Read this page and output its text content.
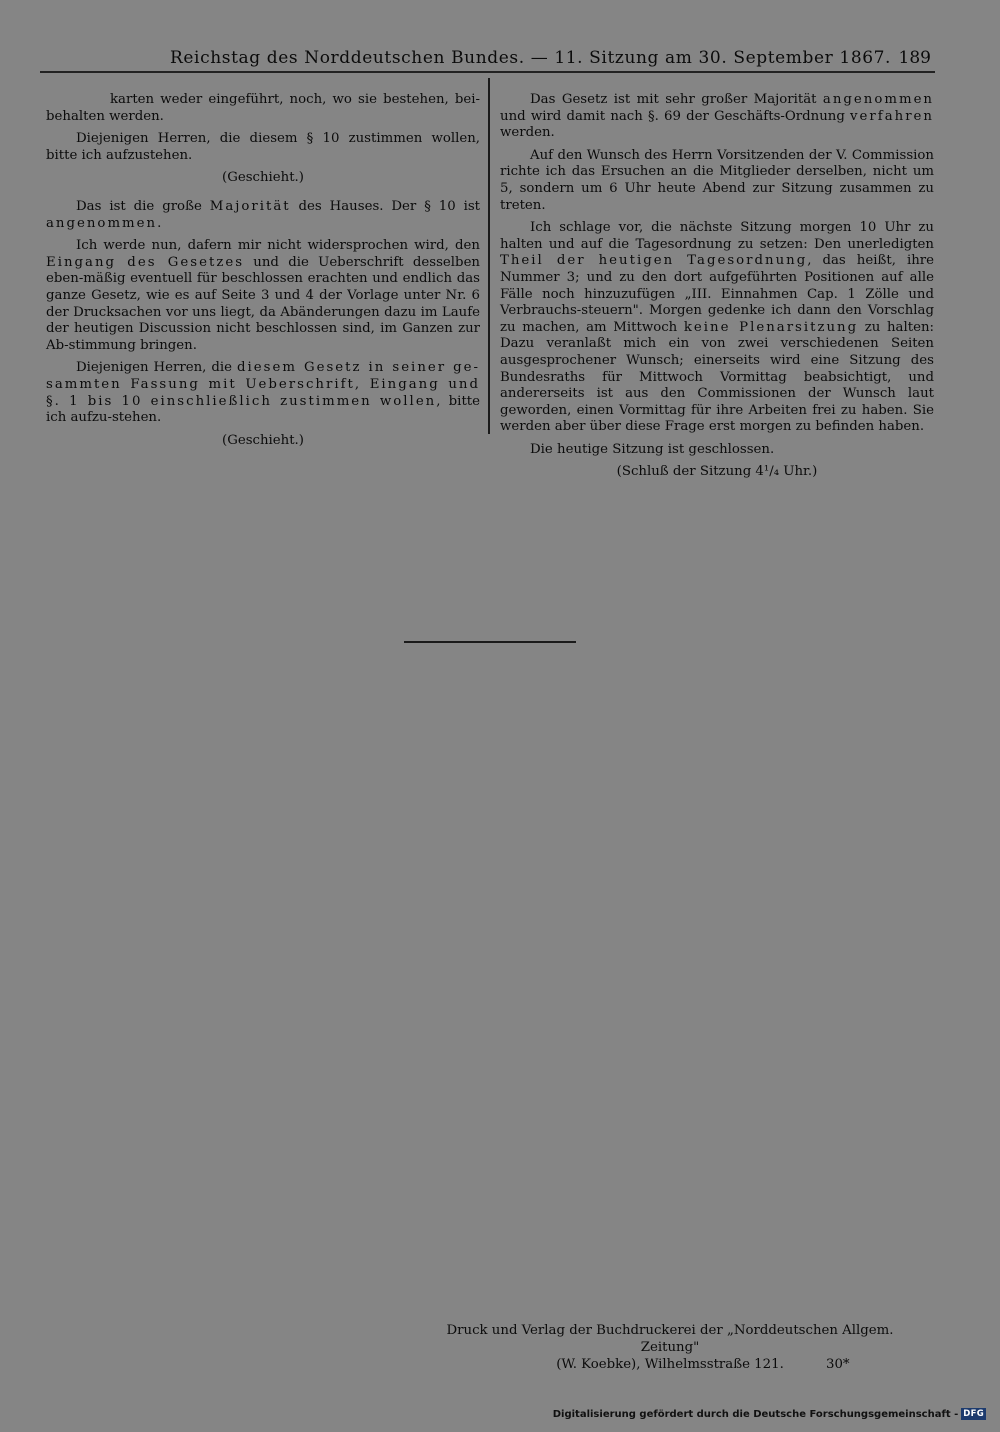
Reichstag des Norddeutschen Bundes. — 11. Sitzung am 30. September 1867. 189

karten weder eingeführt, noch, wo sie bestehen, bei-behalten werden.

Diejenigen Herren, die diesem § 10 zustimmen wollen, bitte ich aufzustehen.

(Geschieht.)

Das ist die große Majorität des Hauses. Der § 10 ist angenommen.

Ich werde nun, dafern mir nicht widersprochen wird, den Eingang des Gesetzes und die Ueberschrift desselben eben-mäßig eventuell für beschlossen erachten und endlich das ganze Gesetz, wie es auf Seite 3 und 4 der Vorlage unter Nr. 6 der Drucksachen vor uns liegt, da Abänderungen dazu im Laufe der heutigen Discussion nicht beschlossen sind, im Ganzen zur Ab-stimmung bringen.

Diejenigen Herren, die diesem Gesetz in seiner ge-sammten Fassung mit Ueberschrift, Eingang und §. 1 bis 10 einschließlich zustimmen wollen, bitte ich aufzu-stehen.

(Geschieht.)

Das Gesetz ist mit sehr großer Majorität angenommen und wird damit nach §. 69 der Geschäfts-Ordnung verfahren werden.

Auf den Wunsch des Herrn Vorsitzenden der V. Commission richte ich das Ersuchen an die Mitglieder derselben, nicht um 5, sondern um 6 Uhr heute Abend zur Sitzung zusammen zu treten.

Ich schlage vor, die nächste Sitzung morgen 10 Uhr zu halten und auf die Tagesordnung zu setzen: Den unerledigten Theil der heutigen Tagesordnung, das heißt, ihre Nummer 3; und zu den dort aufgeführten Positionen auf alle Fälle noch hinzuzufügen „III. Einnahmen Cap. 1 Zölle und Verbrauchs-steuern". Morgen gedenke ich dann den Vorschlag zu machen, am Mittwoch keine Plenarsitzung zu halten: Dazu veranlaßt mich ein von zwei verschiedenen Seiten ausgesprochener Wunsch; einerseits wird eine Sitzung des Bundesraths für Mittwoch Vormittag beabsichtigt, und andererseits ist aus den Commissionen der Wunsch laut geworden, einen Vormittag für ihre Arbeiten frei zu haben. Sie werden aber über diese Frage erst morgen zu befinden haben.

Die heutige Sitzung ist geschlossen.

(Schluß der Sitzung 4¹/₄ Uhr.)

Druck und Verlag der Buchdruckerei der „Norddeutschen Allgem. Zeitung"
(W. Koebke), Wilhelmsstraße 121.	30*
Digitalisierung gefördert durch die Deutsche Forschungsgemeinschaft - DFG
